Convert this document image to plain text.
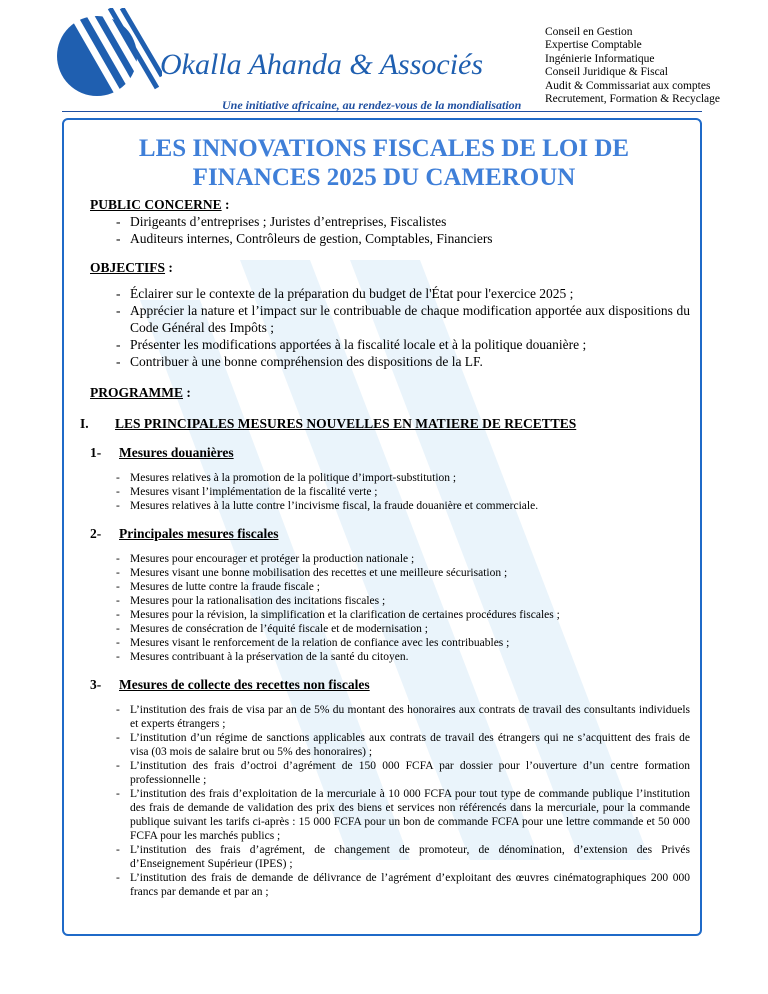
Okalla Ahanda & Associés
Conseil en Gestion
Expertise Comptable
Ingénierie Informatique
Conseil Juridique & Fiscal
Audit & Commissariat aux comptes
Recrutement, Formation & Recyclage
Une initiative africaine, au rendez-vous de la mondialisation
LES INNOVATIONS FISCALES DE LOI DE FINANCES 2025 DU CAMEROUN
PUBLIC CONCERNE :
- Dirigeants d’entreprises ; Juristes d’entreprises, Fiscalistes
- Auditeurs internes, Contrôleurs de gestion, Comptables, Financiers
OBJECTIFS :
- Éclairer sur le contexte de la préparation du budget de l'État pour l'exercice 2025 ;
- Apprécier la nature et l’impact sur le contribuable de chaque modification apportée aux dispositions du Code Général des Impôts ;
- Présenter les modifications apportées à la fiscalité locale et à la politique douanière ;
- Contribuer à une bonne compréhension des dispositions de la LF.
PROGRAMME :
I. LES PRINCIPALES MESURES NOUVELLES EN MATIERE DE RECETTES
1- Mesures douanières
- Mesures relatives à la promotion de la politique d’import-substitution ;
- Mesures visant l’implémentation de la fiscalité verte ;
- Mesures relatives à la lutte contre l’incivisme fiscal, la fraude douanière et commerciale.
2- Principales mesures fiscales
- Mesures pour encourager et protéger la production nationale ;
- Mesures visant une bonne mobilisation des recettes et une meilleure sécurisation ;
- Mesures de lutte contre la fraude fiscale ;
- Mesures pour la rationalisation des incitations fiscales ;
- Mesures pour la révision, la simplification et la clarification de certaines procédures fiscales ;
- Mesures de consécration de l’équité fiscale et de modernisation ;
- Mesures visant le renforcement de la relation de confiance avec les contribuables ;
- Mesures contribuant à la préservation de la santé du citoyen.
3- Mesures de collecte des recettes non fiscales
- L’institution des frais de visa par an de 5% du montant des honoraires aux contrats de travail des consultants individuels et experts étrangers ;
- L’institution d’un régime de sanctions applicables aux contrats de travail des étrangers qui ne s’acquittent des frais de visa (03 mois de salaire brut ou 5% des honoraires) ;
- L’institution des frais d’octroi d’agrément de 150 000 FCFA par dossier pour l’ouverture d’un centre formation professionnelle ;
- L’institution des frais d’exploitation de la mercuriale à 10 000 FCFA pour tout type de commande publique l’institution des frais de demande de validation des prix des biens et services non référencés dans la mercuriale, pour la commande publique suivant les tarifs ci-après : 15 000 FCFA pour un bon de commande FCFA pour une lettre commande et 50 000 FCFA pour les marchés publics ;
- L’institution des frais d’agrément, de changement de promoteur, de dénomination, d’extension des Privés d’Enseignement Supérieur (IPES) ;
- L’institution des frais de demande de délivrance de l’agrément d’exploitant des œuvres cinématographiques 200 000 francs par demande et par an ;
